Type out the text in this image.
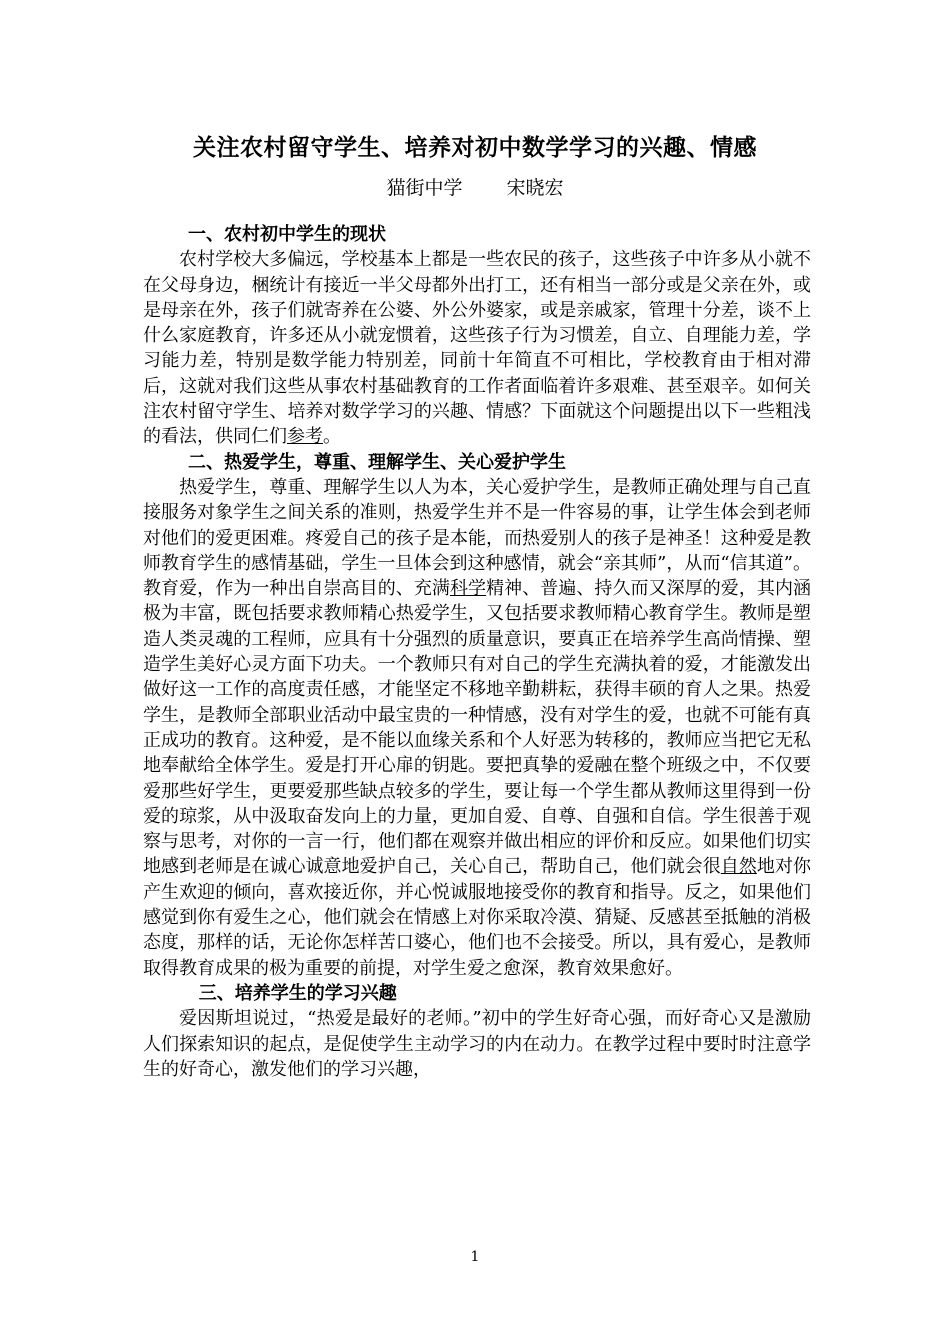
关注农村留守学生、培养对初中数学学习的兴趣、情感
猫街中学 宋晓宏
一、农村初中学生的现状

农村学校大多偏远，学校基本上都是一些农民的孩子，这些孩子中许多从小就不在父母身边，梱统计有接近一半父母都外出打工，还有相当一部分或是父亲在外，或是母亲在外，孩子们就寄养在公婆、外公外婆家，或是亲戚家，管理十分差，谈不上什么家庭教育，许多还从小就宠惯着，这些孩子行为习惯差，自立、自理能力差，学习能力差，特别是数学能力特别差，同前十年简直不可相比，学校教育由于相对滞后，这就对我们这些从事农村基础教育的工作者面临着许多艰难、甚至艰辛。如何关注农村留守学生、培养对数学学习的兴趣、情感？下面就这个问题提出以下一些粗浅的看法，供同仁们参考。

二、热爱学生，尊重、理解学生、关心爱护学生

热爱学生，尊重、理解学生以人为本，关心爱护学生，是教师正确处理与自己直接服务对象学生之间关系的准则，热爱学生并不是一件容易的事，让学生体会到老师对他们的爱更困难。疼爱自己的孩子是本能，而热爱别人的孩子是神圣！这种爱是教师教育学生的感情基础，学生一旦体会到这种感情，就会“亲其师”，从而“信其道”。教育爱，作为一种出自崇高目的、充满科学精神、普遍、持久而又深厚的爱，其内涵极为丰富，既包括要求教师精心热爱学生，又包括要求教师精心教育学生。教师是塑造人类灵魂的工程师，应具有十分强烈的质量意识，要真正在培养学生高尚情操、塑造学生美好心灵方面下功夫。一个教师只有对自己的学生充满执着的爱，才能激发出做好这一工作的高度责任感，才能坚定不移地辛勤耕耘，获得丰硕的育人之果。热爱学生，是教师全部职业活动中最宝贵的一种情感，没有对学生的爱，也就不可能有真正成功的教育。这种爱，是不能以血缘关系和个人好恶为转移的，教师应当把它无私地奉献给全体学生。爱是打开心扉的钥匙。要把真挚的爱融在整个班级之中，不仅要爱那些好学生，更要爱那些缺点较多的学生，要让每一个学生都从教师这里得到一份爱的琼浆，从中汲取奋发向上的力量，更加自爱、自尊、自强和自信。学生很善于观察与思考，对你的一言一行，他们都在观察并做出相应的评价和反应。如果他们切实地感到老师是在诚心诚意地爱护自己，关心自己，帮助自己，他们就会很自然地对你产生欢迎的倾向，喜欢接近你，并心悦诚服地接受你的教育和指导。反之，如果他们感觉到你有爱生之心，他们就会在情感上对你采取冷漠、猜疑、反感甚至抵触的消极态度，那样的话，无论你怎样苦口婆心，他们也不会接受。所以，具有爱心，是教师取得教育成果的极为重要的前提，对学生爱之愈深，教育效果愈好。

三、培养学生的学习兴趣

爱因斯坦说过，“热爱是最好的老师。”初中的学生好奇心强，而好奇心又是激励人们探索知识的起点，是促使学生主动学习的内在动力。在教学过程中要时时注意学生的好奇心，激发他们的学习兴趣，

1
